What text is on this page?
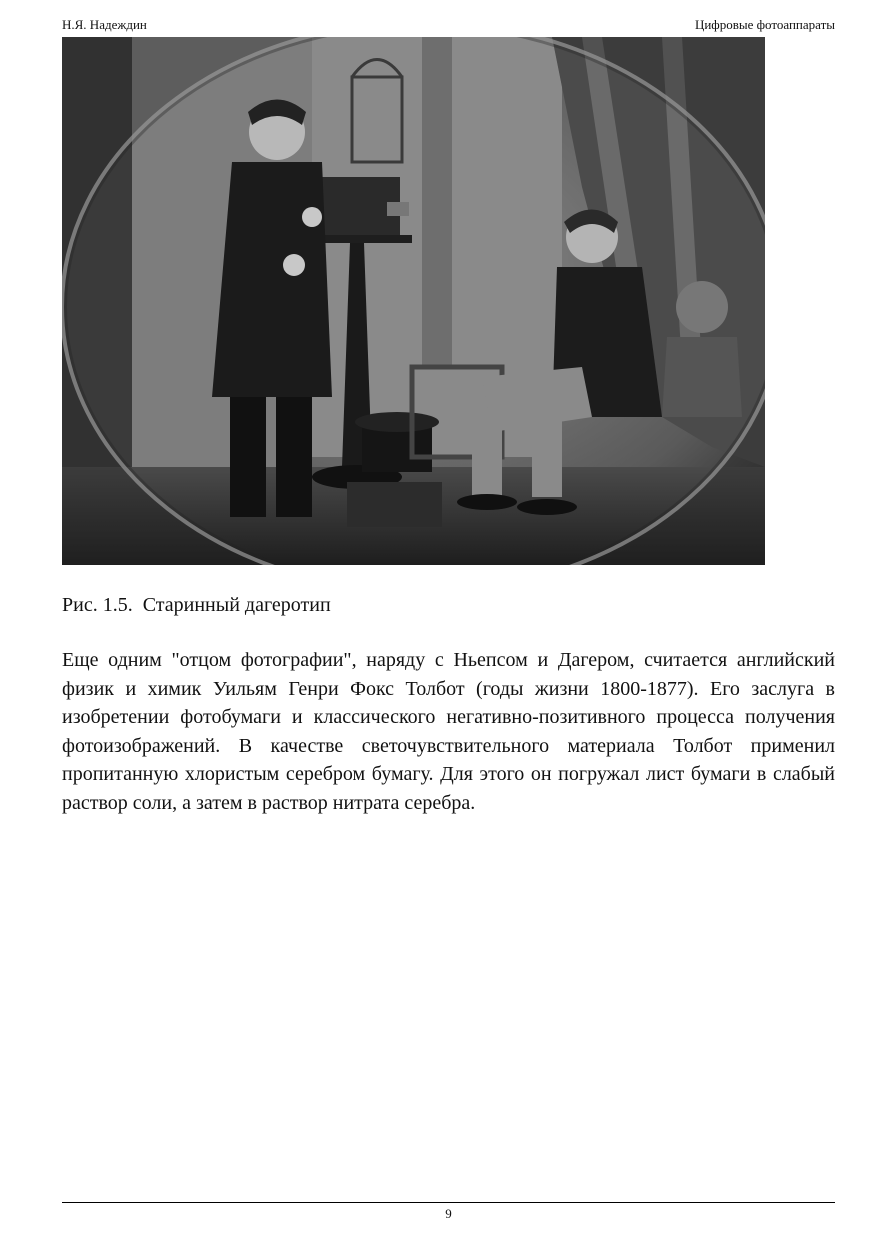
Н.Я. Надеждин	Цифровые фотоаппараты

Рис. 1.5.  Старинный дагеротип

Еще одним "отцом фотографии", наряду с Ньепсом и Дагером, считается английский физик и химик Уильям Генри Фокс Толбот (годы жизни 1800-1877). Его заслуга в изобретении фотобумаги и классического негативно-позитивного процесса получения фотоизображений. В качестве светочувствительного материала Толбот применил пропитанную хлористым серебром бумагу. Для этого он погружал лист бумаги в слабый раствор соли, а затем в раствор нитрата серебра.

9
